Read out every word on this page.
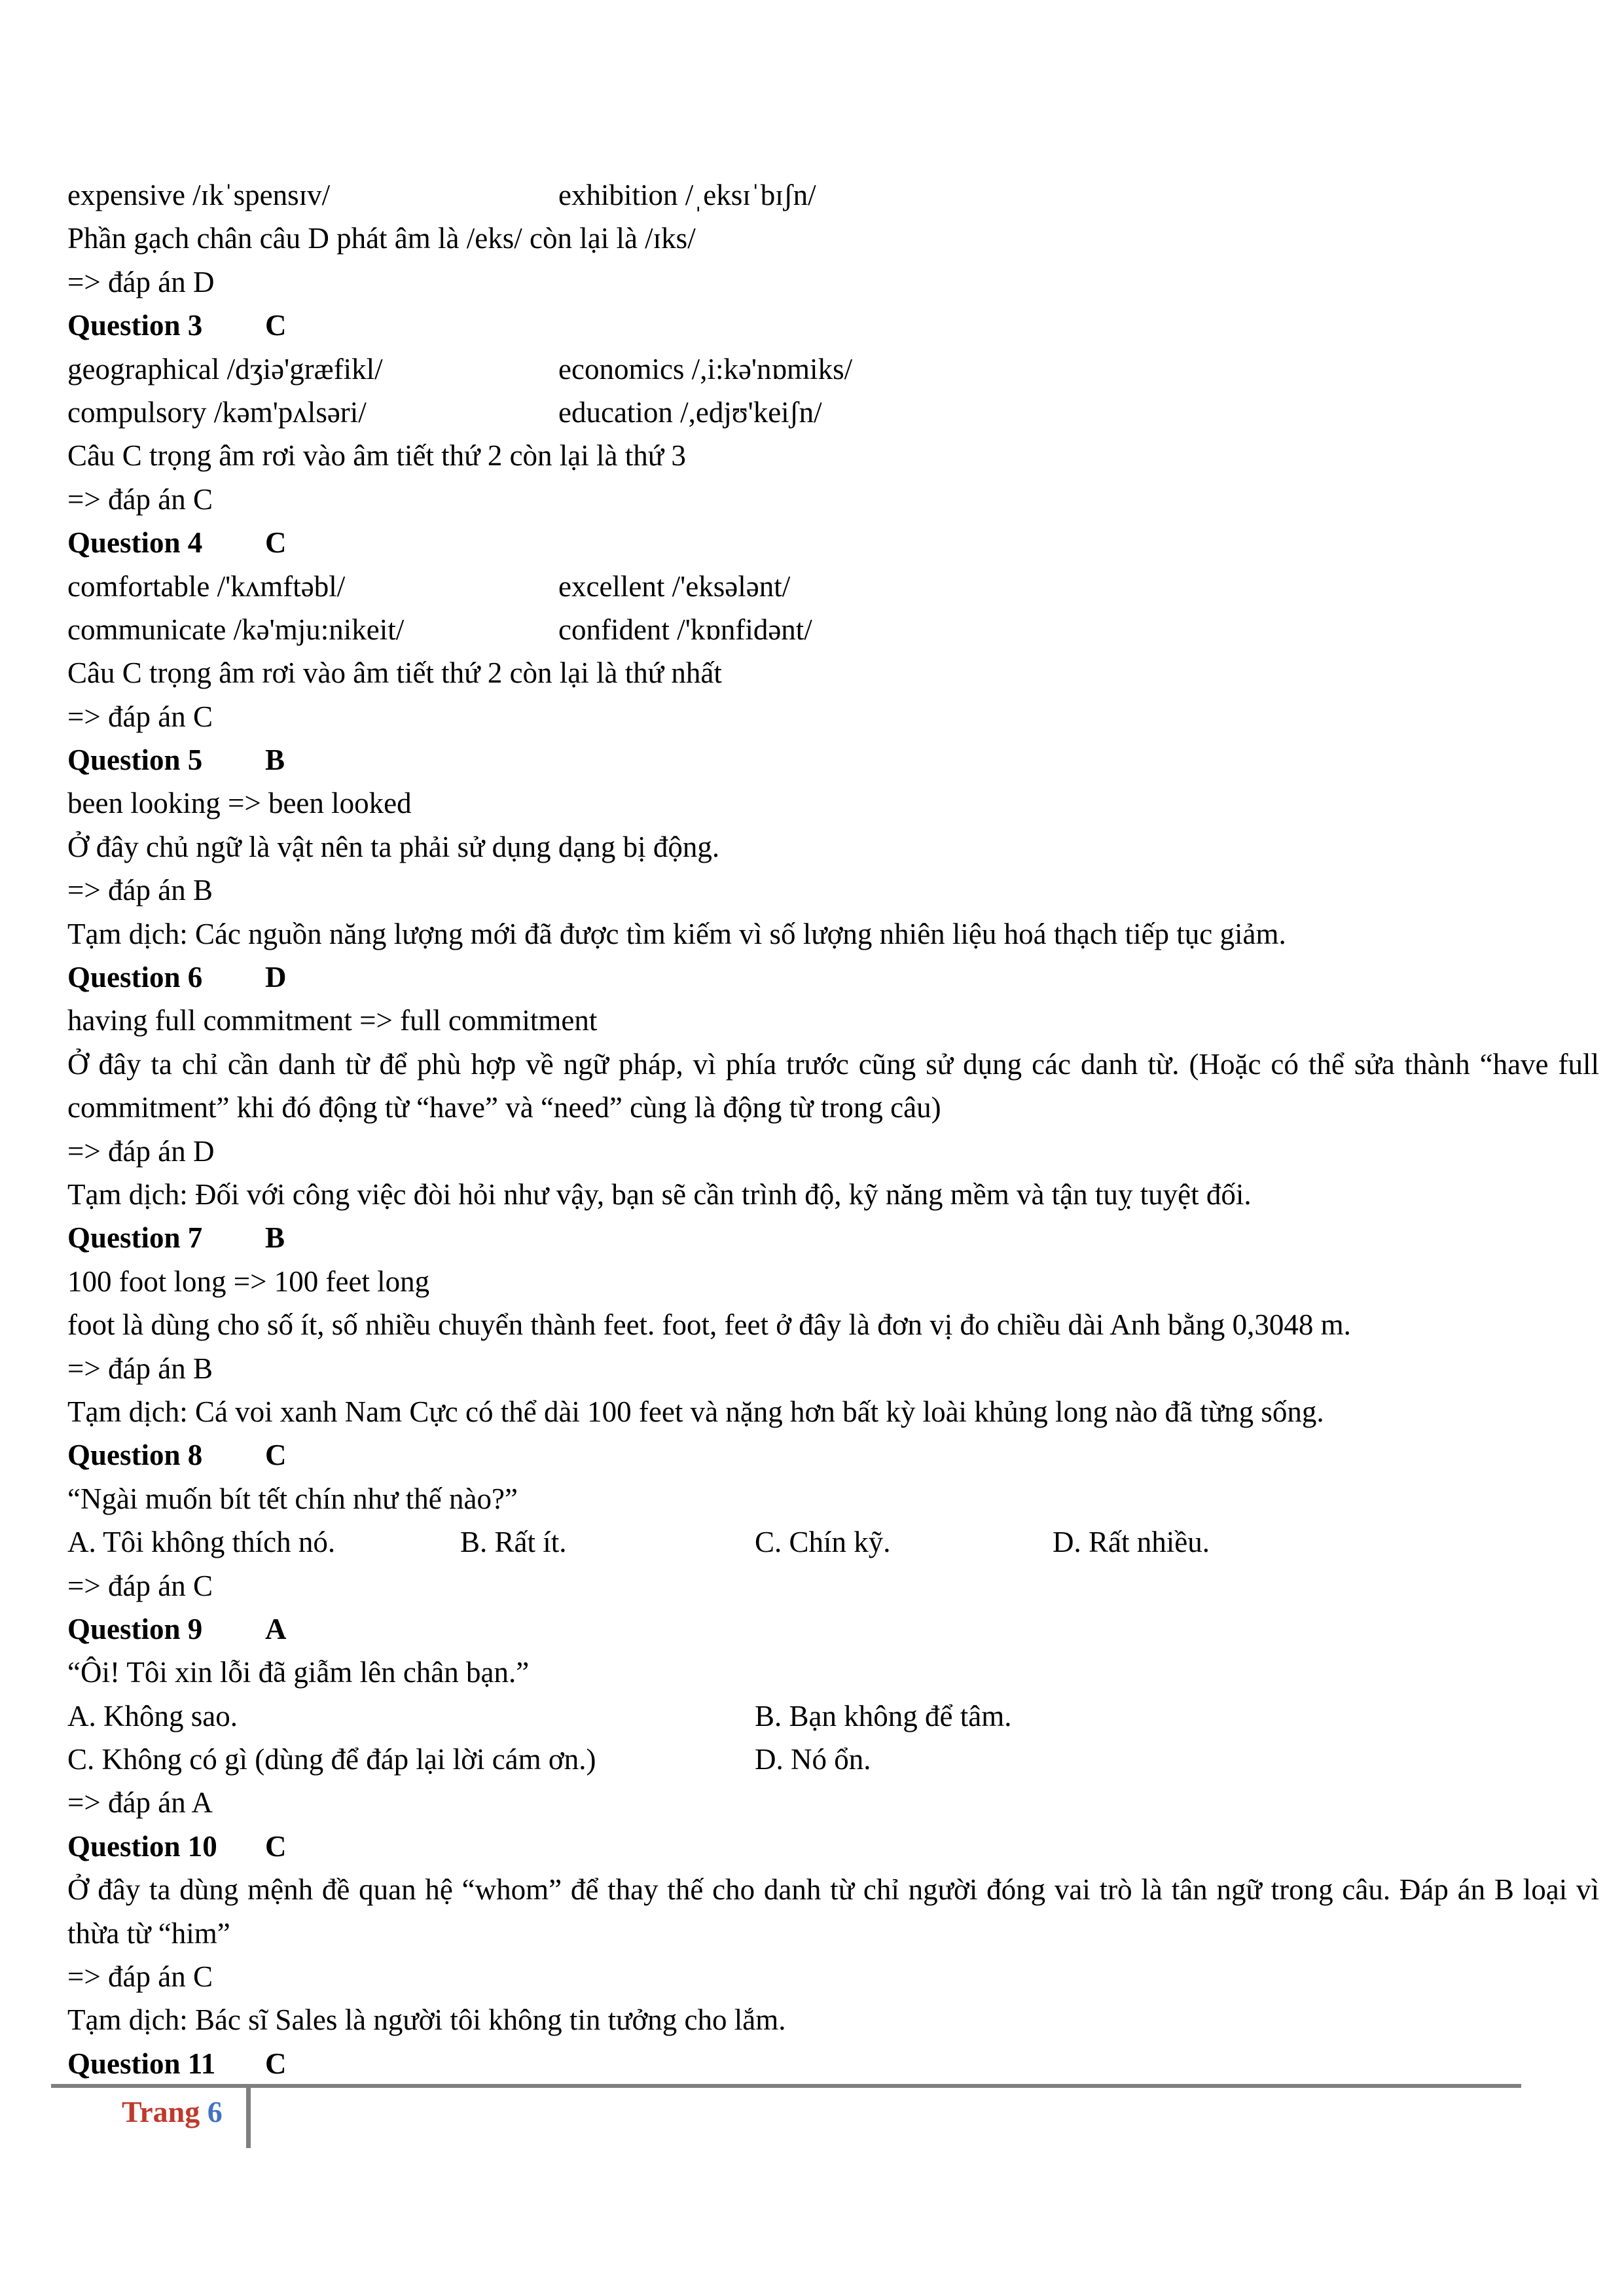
expensive /ɪkˈspensɪv/	exhibition /ˌeksɪˈbɪʃn/
Phần gạch chân câu D phát âm là /eks/ còn lại là /ɪks/
=> đáp án D
Question 3 C
geographical /dʒiə'græfikl/	economics /,i:kə'nɒmiks/
compulsory /kəm'pʌlsəri/	education /,edjʊ'keiʃn/
Câu C trọng âm rơi vào âm tiết thứ 2 còn lại là thứ 3
=> đáp án C
Question 4 C
comfortable /'kʌmftəbl/	excellent /'eksələnt/
communicate /kə'mju:nikeit/	confident /'kɒnfidənt/
Câu C trọng âm rơi vào âm tiết thứ 2 còn lại là thứ nhất
=> đáp án C
Question 5 B
been looking => been looked
Ở đây chủ ngữ là vật nên ta phải sử dụng dạng bị động.
=> đáp án B
Tạm dịch: Các nguồn năng lượng mới đã được tìm kiếm vì số lượng nhiên liệu hoá thạch tiếp tục giảm.
Question 6 D
having full commitment => full commitment
Ở đây ta chỉ cần danh từ để phù hợp về ngữ pháp, vì phía trước cũng sử dụng các danh từ. (Hoặc có thể sửa thành “have full commitment” khi đó động từ “have” và “need” cùng là động từ trong câu)
=> đáp án D
Tạm dịch: Đối với công việc đòi hỏi như vậy, bạn sẽ cần trình độ, kỹ năng mềm và tận tuỵ tuyệt đối.
Question 7 B
100 foot long => 100 feet long
foot là dùng cho số ít, số nhiều chuyển thành feet. foot, feet ở đây là đơn vị đo chiều dài Anh bằng 0,3048 m.
=> đáp án B
Tạm dịch: Cá voi xanh Nam Cực có thể dài 100 feet và nặng hơn bất kỳ loài khủng long nào đã từng sống.
Question 8 C
“Ngài muốn bít tết chín như thế nào?”
A. Tôi không thích nó.	B. Rất ít.	C. Chín kỹ.	D. Rất nhiều.
=> đáp án C
Question 9 A
“Ôi! Tôi xin lỗi đã giẫm lên chân bạn.”
A. Không sao.	B. Bạn không để tâm.
C. Không có gì (dùng để đáp lại lời cám ơn.)	D. Nó ổn.
=> đáp án A
Question 10 C
Ở đây ta dùng mệnh đề quan hệ “whom” để thay thế cho danh từ chỉ người đóng vai trò là tân ngữ trong câu. Đáp án B loại vì thừa từ “him”
=> đáp án C
Tạm dịch: Bác sĩ Sales là người tôi không tin tưởng cho lắm.
Question 11 C
Trang 6
